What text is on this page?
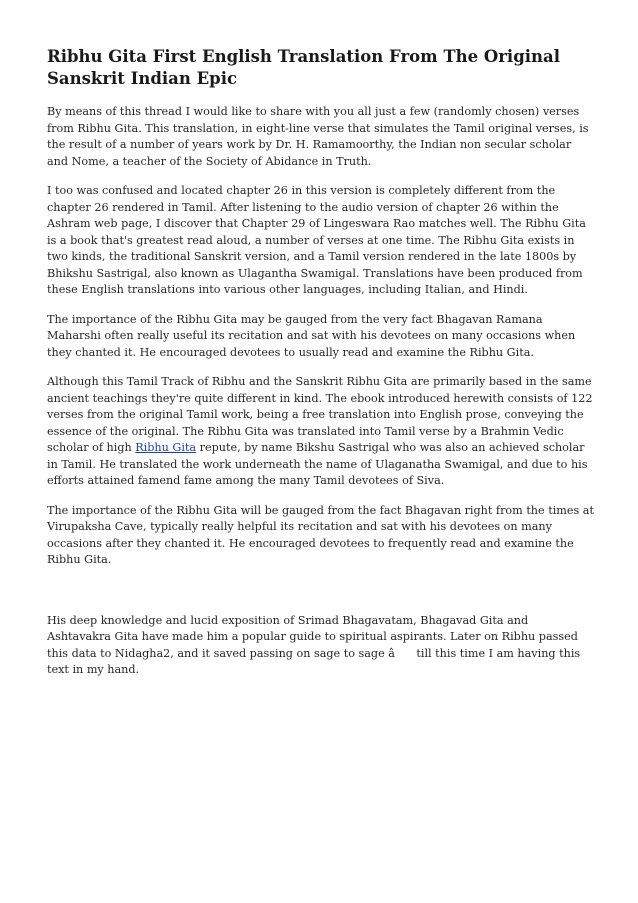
Ribhu Gita First English Translation From The Original Sanskrit Indian Epic

By means of this thread I would like to share with you all just a few (randomly chosen) verses from Ribhu Gita. This translation, in eight-line verse that simulates the Tamil original verses, is the result of a number of years work by Dr. H. Ramamoorthy, the Indian non secular scholar and Nome, a teacher of the Society of Abidance in Truth.

I too was confused and located chapter 26 in this version is completely different from the chapter 26 rendered in Tamil. After listening to the audio version of chapter 26 within the Ashram web page, I discover that Chapter 29 of Lingeswara Rao matches well. The Ribhu Gita is a book that's greatest read aloud, a number of verses at one time. The Ribhu Gita exists in two kinds, the traditional Sanskrit version, and a Tamil version rendered in the late 1800s by Bhikshu Sastrigal, also known as Ulagantha Swamigal. Translations have been produced from these English translations into various other languages, including Italian, and Hindi.

The importance of the Ribhu Gita may be gauged from the very fact Bhagavan Ramana Maharshi often really useful its recitation and sat with his devotees on many occasions when they chanted it. He encouraged devotees to usually read and examine the Ribhu Gita.

Although this Tamil Track of Ribhu and the Sanskrit Ribhu Gita are primarily based in the same ancient teachings they're quite different in kind. The ebook introduced herewith consists of 122 verses from the original Tamil work, being a free translation into English prose, conveying the essence of the original. The Ribhu Gita was translated into Tamil verse by a Brahmin Vedic scholar of high Ribhu Gita repute, by name Bikshu Sastrigal who was also an achieved scholar in Tamil. He translated the work underneath the name of Ulaganatha Swamigal, and due to his efforts attained famend fame among the many Tamil devotees of Siva.

The importance of the Ribhu Gita will be gauged from the fact Bhagavan right from the times at Virupaksha Cave, typically really helpful its recitation and sat with his devotees on many occasions after they chanted it. He encouraged devotees to frequently read and examine the Ribhu Gita.

His deep knowledge and lucid exposition of Srimad Bhagavatam, Bhagavad Gita and Ashtavakra Gita have made him a popular guide to spiritual aspirants. Later on Ribhu passed this data to Nidagha2, and it saved passing on sage to sage â till this time I am having this text in my hand.
